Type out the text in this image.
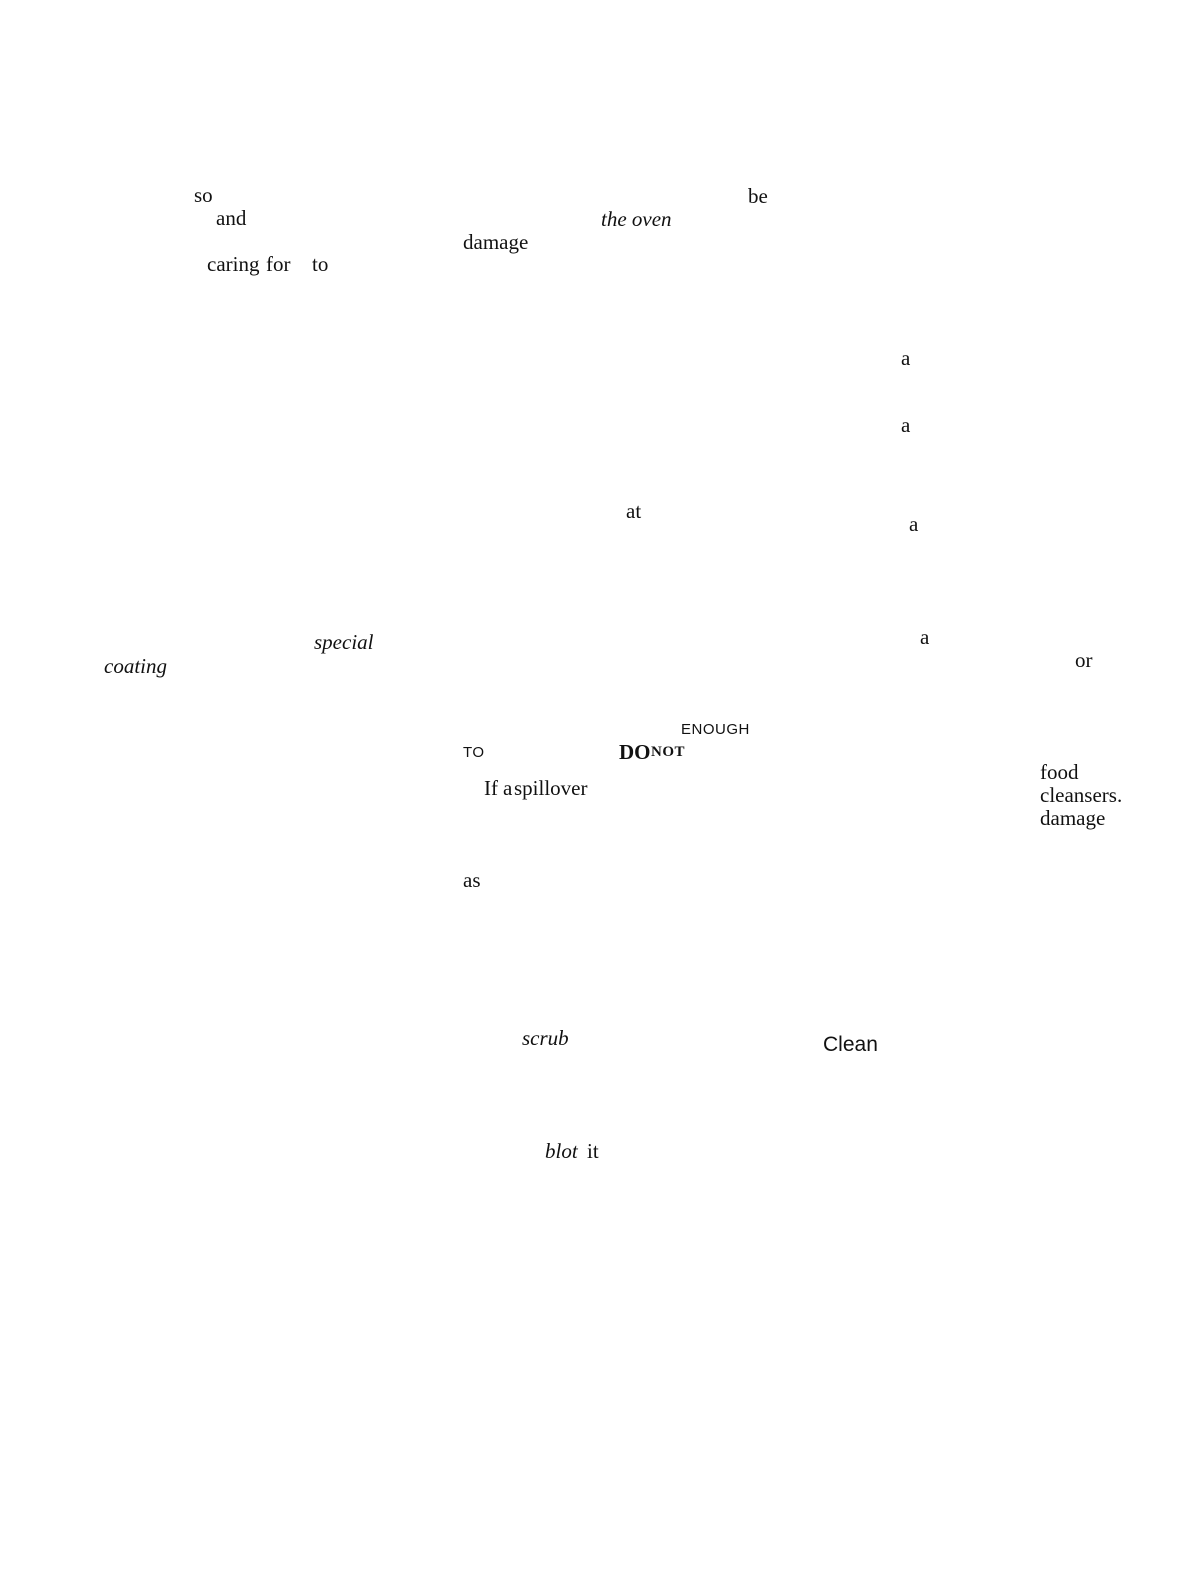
so
and
caring for to
special
coating
damage
the oven
be
at
ENOUGH
TO	DO NOT
If a spillover
as
scrub	Clean
blot it
a
a
a
a
or
food
cleansers.
damage
